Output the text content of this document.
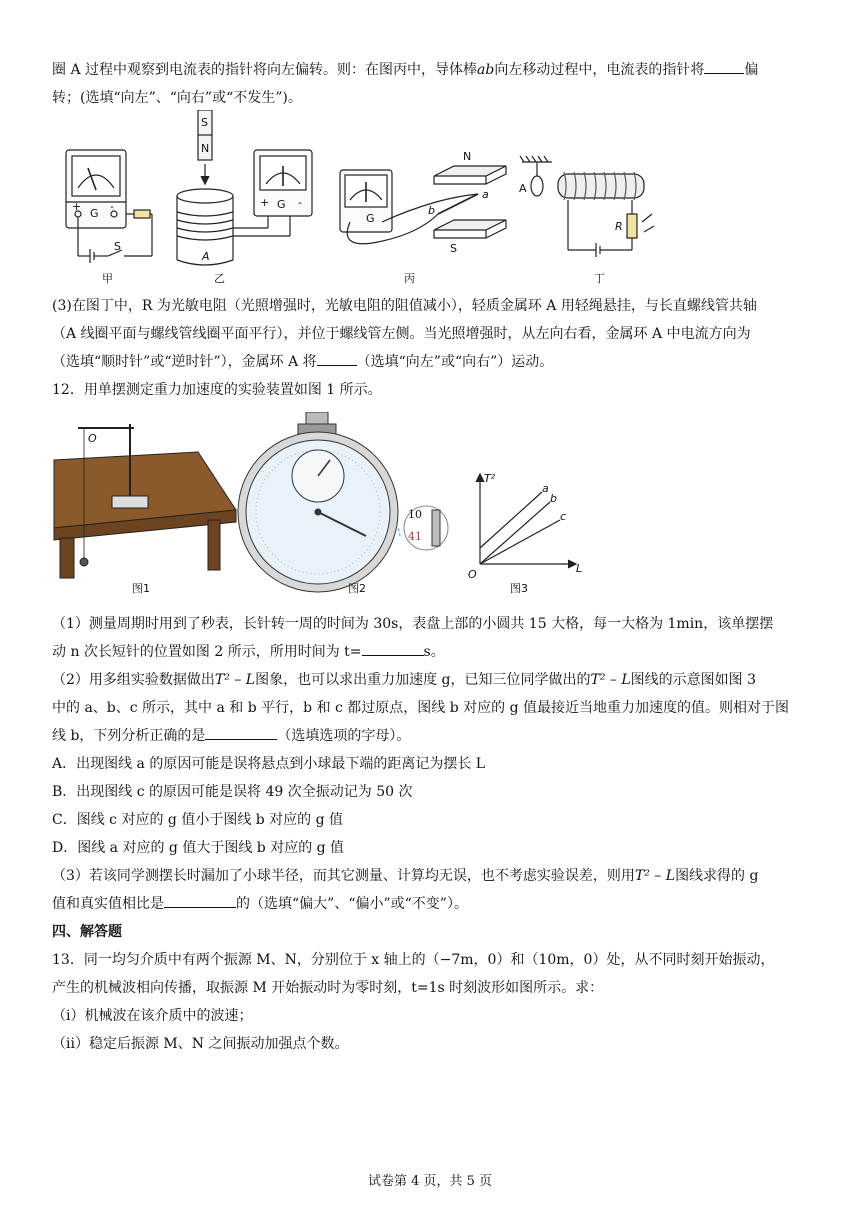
圈 A 过程中观察到电流表的指针将向左偏转。则：在图丙中，导体棒ab向左移动过程中，电流表的指针将	偏
转；(选填“向左”、“向右”或“不发生”)。
G
+	-
S
甲
S
N
A
G
+	-
乙
G
N
S
a
b
丙
A
R
丁
(3)在图丁中，R 为光敏电阻（光照增强时，光敏电阻的阻值减小），轻质金属环 A 用轻绳悬挂，与长直螺线管共轴
（A 线圈平面与螺线管线圈平面平行），并位于螺线管左侧。当光照增强时，从左向右看，金属环 A 中电流方向为
（选填“顺时针”或“逆时针”），金属环 A 将	（选填“向左”或“向右”）运动。
12．用单摆测定重力加速度的实验装置如图 1 所示。
O
图1
10
41
图2
T²
L
O
a
b
c
图3
（1）测量周期时用到了秒表，长针转一周的时间为 30s，表盘上部的小圆共 15 大格，每一大格为 1min，该单摆摆
动 n 次长短针的位置如图 2 所示，所用时间为 t=	s。
（2）用多组实验数据做出T² – L图象，也可以求出重力加速度 g，已知三位同学做出的T² – L图线的示意图如图 3
中的 a、b、c 所示，其中 a 和 b 平行，b 和 c 都过原点，图线 b 对应的 g 值最接近当地重力加速度的值。则相对于图
线 b，下列分析正确的是	（选填选项的字母）。
A．出现图线 a 的原因可能是误将悬点到小球最下端的距离记为摆长 L
B．出现图线 c 的原因可能是误将 49 次全振动记为 50 次
C．图线 c 对应的 g 值小于图线 b 对应的 g 值
D．图线 a 对应的 g 值大于图线 b 对应的 g 值
（3）若该同学测摆长时漏加了小球半径，而其它测量、计算均无误，也不考虑实验误差，则用T² – L图线求得的 g
值和真实值相比是	的（选填“偏大”、“偏小”或“不变”）。
四、解答题
13．同一均匀介质中有两个振源 M、N，分别位于 x 轴上的（−7m，0）和（10m，0）处，从不同时刻开始振动，
产生的机械波相向传播，取振源 M 开始振动时为零时刻，t=1s 时刻波形如图所示。求：
（i）机械波在该介质中的波速；
（ii）稳定后振源 M、N 之间振动加强点个数。
试卷第 4 页，共 5 页
